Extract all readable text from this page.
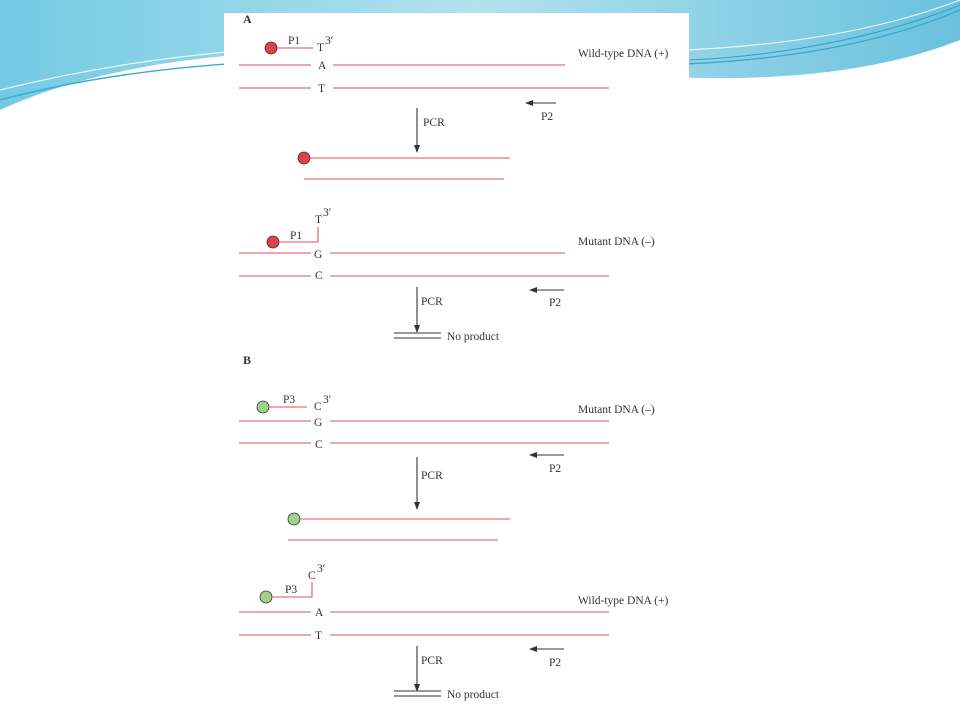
A
P1
T
3′
A
Wild-type DNA (+)
T
P2
PCR
T
3′
P1
G
Mutant DNA (–)
C
P2
PCR
No product
B
P3
C
3′
G
Mutant DNA (–)
C
P2
PCR
C
3′
P3
A
Wild-type DNA (+)
T
P2
PCR
No product
